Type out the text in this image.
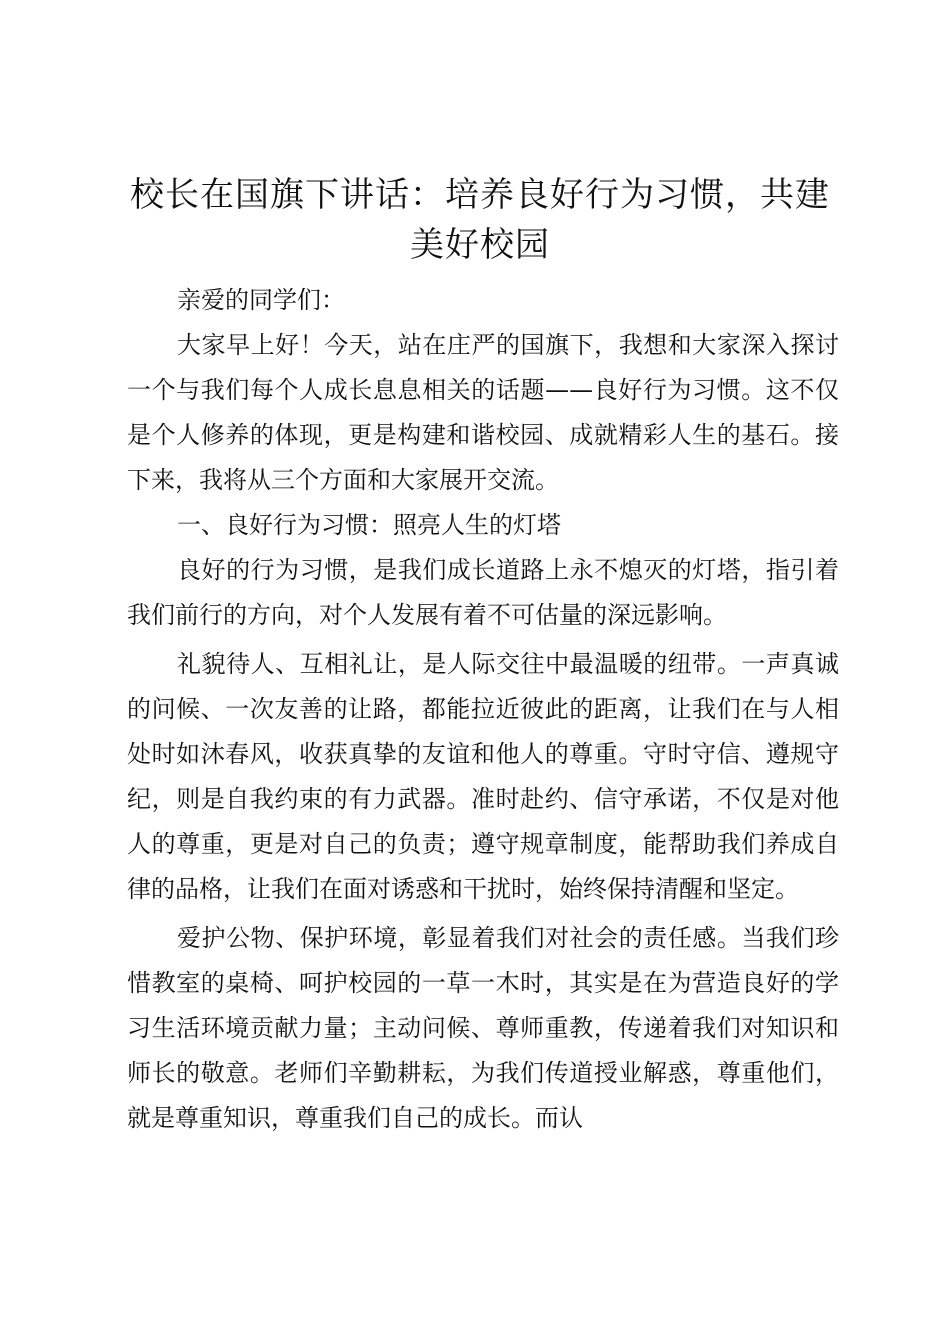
校长在国旗下讲话：培养良好行为习惯，共建
美好校园

亲爱的同学们：

大家早上好！今天，站在庄严的国旗下，我想和大家深入探讨一个与我们每个人成长息息相关的话题——良好行为习惯。这不仅是个人修养的体现，更是构建和谐校园、成就精彩人生的基石。接下来，我将从三个方面和大家展开交流。

一、良好行为习惯：照亮人生的灯塔

良好的行为习惯，是我们成长道路上永不熄灭的灯塔，指引着我们前行的方向，对个人发展有着不可估量的深远影响。

礼貌待人、互相礼让，是人际交往中最温暖的纽带。一声真诚的问候、一次友善的让路，都能拉近彼此的距离，让我们在与人相处时如沐春风，收获真挚的友谊和他人的尊重。守时守信、遵规守纪，则是自我约束的有力武器。准时赴约、信守承诺，不仅是对他人的尊重，更是对自己的负责；遵守规章制度，能帮助我们养成自律的品格，让我们在面对诱惑和干扰时，始终保持清醒和坚定。

爱护公物、保护环境，彰显着我们对社会的责任感。当我们珍惜教室的桌椅、呵护校园的一草一木时，其实是在为营造良好的学习生活环境贡献力量；主动问候、尊师重教，传递着我们对知识和师长的敬意。老师们辛勤耕耘，为我们传道授业解惑，尊重他们，就是尊重知识，尊重我们自己的成长。而认
